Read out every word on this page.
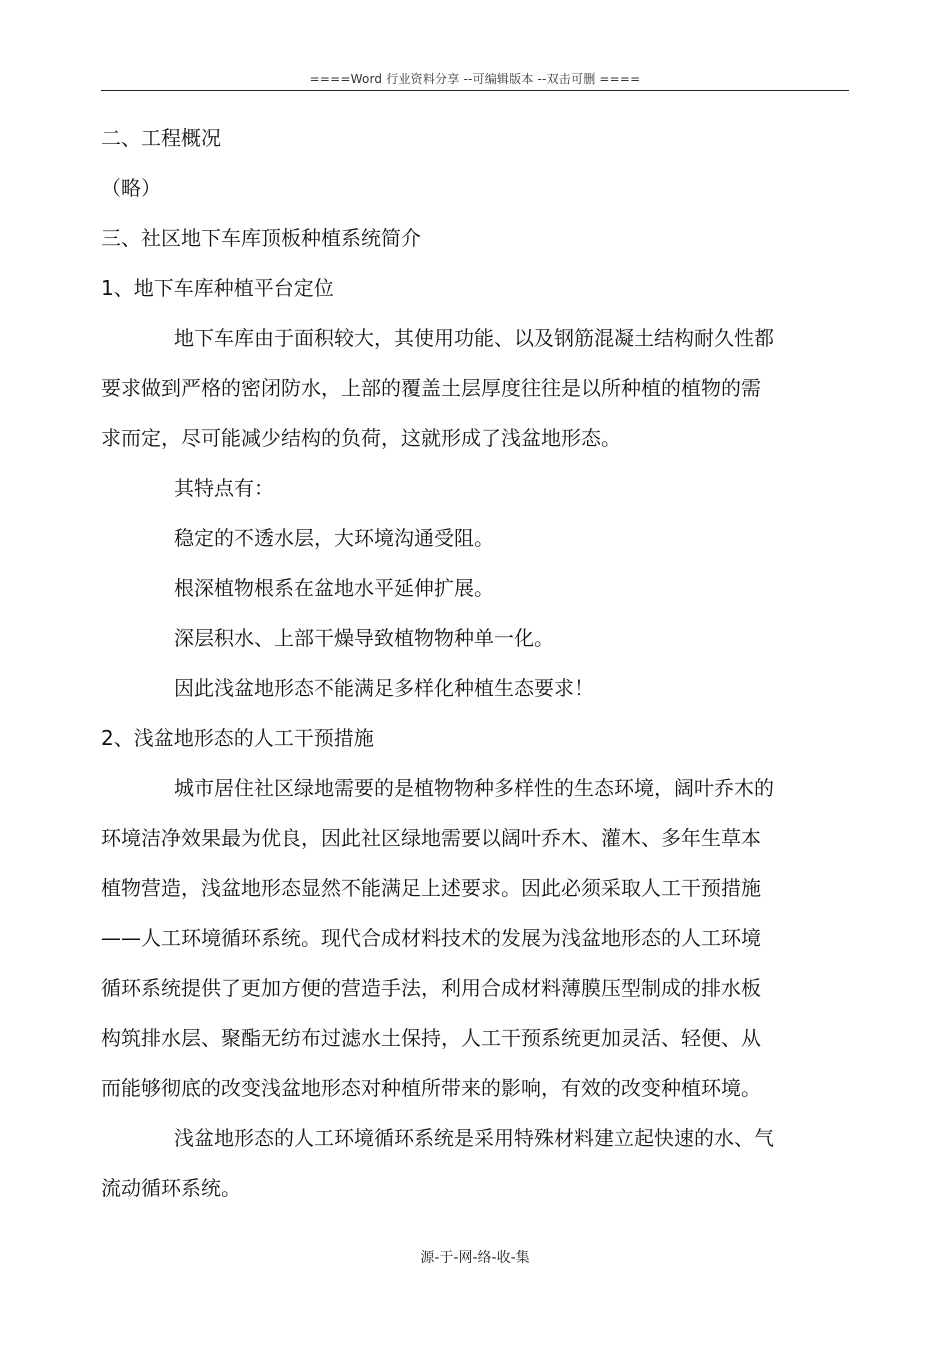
====Word 行业资料分享 --可编辑版本 --双击可删 ====
二、工程概况
（略）
三、社区地下车库顶板种植系统简介
1、地下车库种植平台定位
地下车库由于面积较大，其使用功能、以及钢筋混凝土结构耐久性都
要求做到严格的密闭防水，上部的覆盖土层厚度往往是以所种植的植物的需
求而定，尽可能减少结构的负荷，这就形成了浅盆地形态。
其特点有：
稳定的不透水层，大环境沟通受阻。
根深植物根系在盆地水平延伸扩展。
深层积水、上部干燥导致植物物种单一化。
因此浅盆地形态不能满足多样化种植生态要求！
2、浅盆地形态的人工干预措施
城市居住社区绿地需要的是植物物种多样性的生态环境，阔叶乔木的
环境洁净效果最为优良，因此社区绿地需要以阔叶乔木、灌木、多年生草本
植物营造，浅盆地形态显然不能满足上述要求。因此必须采取人工干预措施
——人工环境循环系统。现代合成材料技术的发展为浅盆地形态的人工环境
循环系统提供了更加方便的营造手法，利用合成材料薄膜压型制成的排水板
构筑排水层、聚酯无纺布过滤水土保持，人工干预系统更加灵活、轻便、从
而能够彻底的改变浅盆地形态对种植所带来的影响，有效的改变种植环境。
浅盆地形态的人工环境循环系统是采用特殊材料建立起快速的水、气
流动循环系统。
源-于-网-络-收-集
